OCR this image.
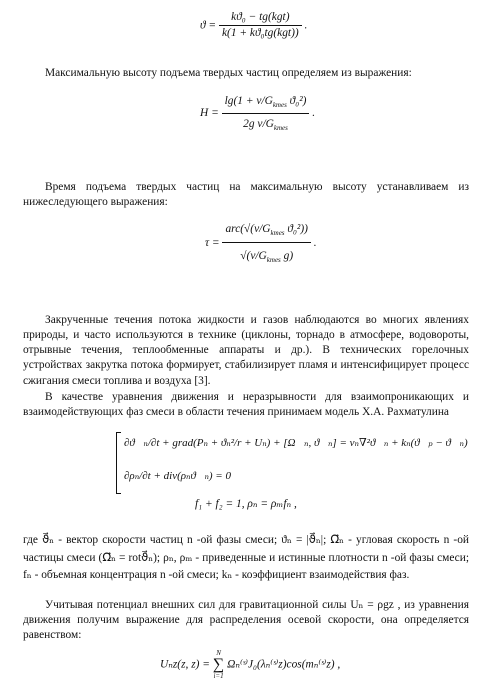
$ϑ = \frac{\text{kϑ₀ − tg(kgt)}}{\text{k(1 + kϑ₀tg(kgt))}}$ .
Максимальную высоту подъема твердых частиц определяем из выражения:
$H = \frac{\lg(1 + \nu/G_{kmes} ϑ_0^2)}{2g \nu/G_{kmes}}$ .
Время подъема твердых частиц на максимальную высоту устанавливаем из нижеследующего выражения:
$\tau = \frac{arc(√(\nu/G_{kmes} ϑ_0^2))}{√(\nu/G_{kmes} g)}$ .
Закрученные течения потока жидкости и газов наблюдаются во многих явлениях природы, и часто используются в технике (циклоны, торнадо в атмосфере, водовороты, отрывные течения, теплообменные аппараты и др.). В технических горелочных устройствах закрутка потока формирует, стабилизирует пламя и интенсифицирует процесс сжигания смеси топлива и воздуха [3].
В качестве уравнения движения и неразрывности для взаимопроникающих и взаимодействующих фаз смеси в области течения принимаем модель Х.А. Рахматулина
∂ϑ⃗ₙ/∂t + grad(Pₙ + ϑₙ²/r + Uₙ) + [Ω⃗ₙ, ϑ⃗ₙ] = νₙ∇²ϑ⃗ₙ + kₙ(ϑ⃗ₚ − ϑ⃗ₙ)
∂ρₙ/∂t + div(ρₙϑ⃗ₙ) = 0
f₁ + f₂ = 1, ρₙ = ρₘfₙ ,
где ϑ⃗ₙ - вектор скорости частиц n -ой фазы смеси; ϑₙ = |ϑ⃗ₙ|; Ω⃗ₙ - угловая скорость n -ой частицы смеси (Ω⃗ₙ = rotϑ⃗ₙ); ρₙ, ρₘ - приведенные и истинные плотности n -ой фазы смеси; fₙ - объемная концентрация n -ой смеси; kₙ - коэффициент взаимодействия фаз.
Учитывая потенциал внешних сил для гравитационной силы Uₙ = ρgz , из уравнения движения получим выражение для распределения осевой скорости, она определяется равенством:
Uₙz(z, z) =
N
∑
i=1
Ωₙ⁽ˢ⁾J₀(λₙ⁽ˢ⁾z)cos(mₙ⁽ˢ⁾z) ,
